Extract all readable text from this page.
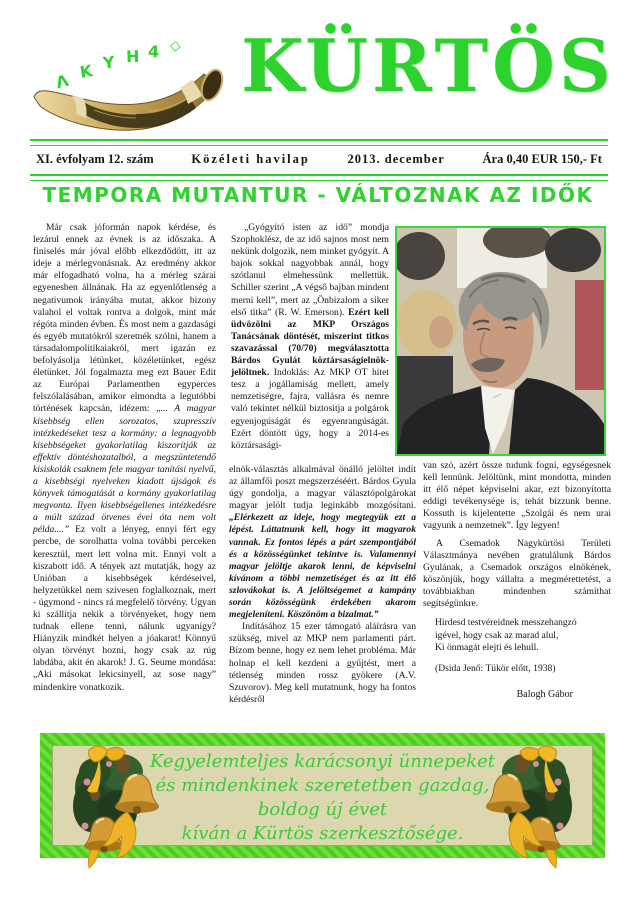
Λ K Y H 4 ◇ KÜRTÖS
XI. évfolyam 12. szám	Közéleti havilap	2013. december	Ára 0,40 EUR 150,- Ft
TEMPORA MUTANTUR - VÁLTOZNAK AZ IDŐK

Már csak jóformán napok kérdése, és lezárul ennek az évnek is az időszaka. A finiselés már jóval előbb elkezdődött, itt az ideje a mérlegvonásnak. Az eredmény akkor már elfogadható volna, ha a mérleg szárai egyenesben állnának. Ha az egyenlőtlenség a negativumok irányába mutat, akkor bizony valahol el voltak rontva a dolgok, mint már régóta minden évben. És most nem a gazdasági és egyéb mutatókról szeretnék szólni, hanem a társadalompolitikaiakról, mert igazán ez befolyásolja létünket, közéletünket, egész életünket. Jól fogalmazta meg ezt Bauer Edit az Európai Parlamentben egyperces felszólalásában, amikor elmondta a legutóbbi történések kapcsán, idézem: „... A magyar kisebbség ellen sorozatos, szupresszív intézkedéseket tesz a kormány: a legnagyobb kisebbségeket gyakorlatilag kiszorítják az effektív döntéshozatalból, a megszüntetendő kisiskolák csaknem fele magyar tanítási nyelvű, a kisebbségi nyelveken kiadott újságok és könyvek támogatását a kormány gyakorlatilag megvonta. Ilyen kisebbségellenes intézkedésre a múlt század ötvenes évei óta nem volt példa....” Ez volt a lényeg, ennyi fért egy percbe, de sorolhatta volna további perceken keresztül, mert lett volna mit. Ennyi volt a kiszabott idő. A tények azt mutatják, hogy az Unióban a kisebbségek kérdéseivel, helyzetükkel nem szívesen foglalkoznak, mert - úgymond - nincs rá megfelelő törvény. Ugyan ki szállítja nekik a törvényeket, hogy nem tudnak ellene tenni, nálunk ugyanígy? Hiányzik mindkét helyen a jóakarat! Könnyű olyan törvényt hozni, hogy csak az rúg labdába, akit én akarok! J. G. Seume mondása: „Aki másokat lekicsinyell, az sose nagy” mindenkire vonatkozik.

„Gyógyító isten az idő” mondja Szophoklész, de az idő sajnos most nem nekünk dolgozik, nem minket gyógyít. A bajok sokkal nagyobbak annál, hogy szótlanul elmehessünk mellettük. Schiller szerint „A végső bajban mindent merni kell”, mert az „Önbizalom a siker első titka” (R. W. Emerson). Ezért kell üdvözölni az MKP Országos Tanácsának döntését, miszerint titkos szavazással (70/70) megválasztotta Bárdos Gyulát köztársaságielnök-jelöltnek. Indoklás: Az MKP OT hitet tesz a jogállamiság mellett, amely nemzetiségre, fajra, vallásra és nemre való tekintet nélkül biztosítja a polgárok egyenjogúságát és egyenrangúságát. Ezért döntött úgy, hogy a 2014-es köztársasági-

elnök-választás alkalmával önálló jelöltet indít az államfői poszt megszerzéséért. Bárdos Gyula úgy gondolja, a magyar választópolgárokat magyar jelölt tudja leginkább mozgósítani. „Elérkezett az ideje, hogy megtegyük ezt a lépést. Láttatnunk kell, hogy itt magyarok vannak. Ez fontos lépés a párt szempontjából és a közösségünket tekintve is. Valamennyi magyar jelöltje akarok lenni, de képviselni kívánom a többi nemzetiséget és az itt élő szlovákokat is. A jelöltségemet a kampány során közösségünk érdekében akarom megjeleníteni. Köszönöm a bizalmat.”

Indításához 15 ezer támogató aláírásra van szükség, mivel az MKP nem parlamenti párt. Bízom benne, hogy ez nem lehet probléma. Már holnap el kell kezdeni a gyűjtést, mert a tétlenség minden rossz gyökere (A.V. Szuvorov). Meg kell mutatnunk, hogy ha fontos kérdésről

van szó, azért össze tudunk fogni, egységesnek kell lennünk. Jelöltünk, mint mondotta, minden itt élő népet képviselni akar, ezt bizonyította eddigi tevékenysége is, tehát bízzunk benne. Kossuth is kijelentette „Szolgái és nem urai vagyunk a nemzetnek”. Így legyen!

A Csemadok Nagykürtösi Területi Választmánya nevében gratulálunk Bárdos Gyulának, a Csemadok országos elnökének, köszönjük, hogy vállalta a megmérettetést, a továbbiakban mindenben számíthat segítségünkre.

Hirdesd testvéreidnek messzehangzó
igével, hogy csak az marad alul,
Ki önmagát elejti és lehull.
(Dsida Jenő: Tükör előtt, 1938)
Balogh Gábor
Kegyelemteljes karácsonyi ünnepeket
és mindenkinek szeretetben gazdag,
boldog új évet
kíván a Kürtös szerkesztősége.
